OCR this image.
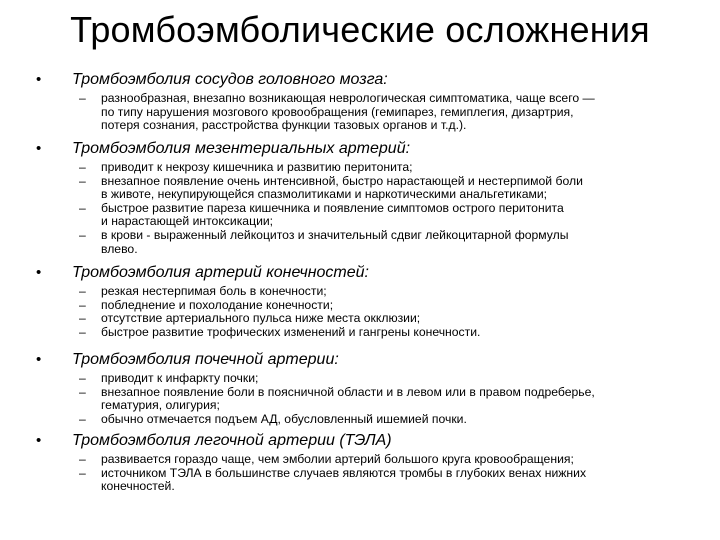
Тромбоэмболические осложнения
• Тромбоэмболия сосудов головного мозга:
– разнообразная, внезапно возникающая неврологическая симптоматика, чаще всего —
по типу нарушения мозгового кровообращения (гемипарез, гемиплегия, дизартрия,
потеря сознания, расстройства функции тазовых органов и т.д.).
• Тромбоэмболия мезентериальных артерий:
– приводит к некрозу кишечника и развитию перитонита;
– внезапное появление очень интенсивной, быстро нарастающей и нестерпимой боли
в животе, некупирующейся спазмолитиками и наркотическими анальгетиками;
– быстрое развитие пареза кишечника и появление симптомов острого перитонита
и нарастающей интоксикации;
– в крови - выраженный лейкоцитоз и значительный сдвиг лейкоцитарной формулы
влево.
• Тромбоэмболия артерий конечностей:
– резкая нестерпимая боль в конечности;
– побледнение и похолодание конечности;
– отсутствие артериального пульса ниже места окклюзии;
– быстрое развитие трофических изменений и гангрены конечности.
• Тромбоэмболия почечной артерии:
– приводит к инфаркту почки;
– внезапное появление боли в поясничной области и в левом или в правом подреберье,
гематурия, олигурия;
– обычно отмечается подъем АД, обусловленный ишемией почки.
• Тромбоэмболия легочной артерии (ТЭЛА)
– развивается гораздо чаще, чем эмболии артерий большого круга кровообращения;
– источником ТЭЛА в большинстве случаев являются тромбы в глубоких венах нижних
конечностей.
